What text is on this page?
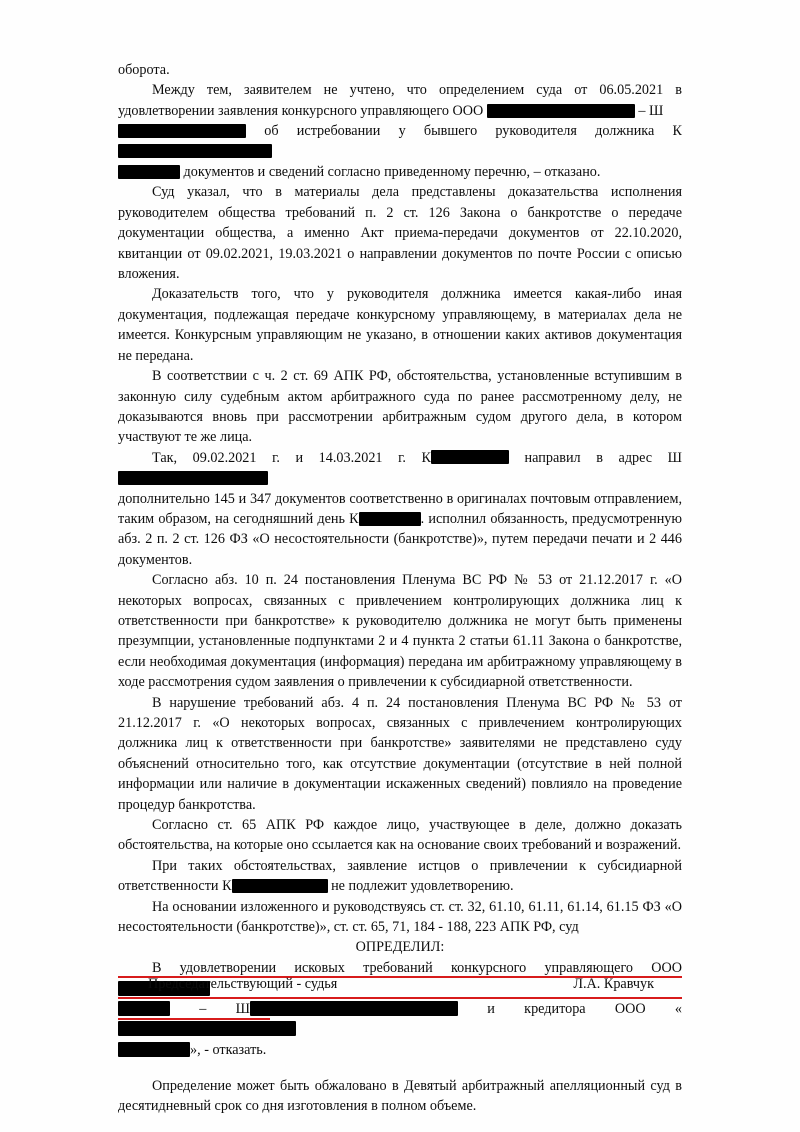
оборота.

Между тем, заявителем не учтено, что определением суда от 06.05.2021 в удовлетворении заявления конкурсного управляющего ООО	– Ш
об истребовании у бывшего руководителя должника К
документов и сведений согласно приведенному перечню, – отказано.

Суд указал, что в материалы дела представлены доказательства исполнения руководителем общества требований п. 2 ст. 126 Закона о банкротстве о передаче документации общества, а именно Акт приема-передачи документов от 22.10.2020, квитанции от 09.02.2021, 19.03.2021 о направлении документов по почте России с описью вложения.

Доказательств того, что у руководителя должника имеется какая-либо иная документация, подлежащая передаче конкурсному управляющему, в материалах дела не имеется. Конкурсным управляющим не указано, в отношении каких активов документация не передана.

В соответствии с ч. 2 ст. 69 АПК РФ, обстоятельства, установленные вступившим в законную силу судебным актом арбитражного суда по ранее рассмотренному делу, не доказываются вновь при рассмотрении арбитражным судом другого дела, в котором участвуют те же лица.

Так, 09.02.2021 г. и 14.03.2021 г. К	направил в адрес Ш
дополнительно 145 и 347 документов соответственно в оригиналах почтовым отправлением, таким образом, на сегодняшний день К	. исполнил обязанность, предусмотренную абз. 2 п. 2 ст. 126 ФЗ «О несостоятельности (банкротстве)», путем передачи печати и 2 446 документов.

Согласно абз. 10 п. 24 постановления Пленума ВС РФ № 53 от 21.12.2017 г. «О некоторых вопросах, связанных с привлечением контролирующих должника лиц к ответственности при банкротстве» к руководителю должника не могут быть применены презумпции, установленные подпунктами 2 и 4 пункта 2 статьи 61.11 Закона о банкротстве, если необходимая документация (информация) передана им арбитражному управляющему в ходе рассмотрения судом заявления о привлечении к субсидиарной ответственности.

В нарушение требований абз. 4 п. 24 постановления Пленума ВС РФ № 53 от 21.12.2017 г. «О некоторых вопросах, связанных с привлечением контролирующих должника лиц к ответственности при банкротстве» заявителями не представлено суду объяснений относительно того, как отсутствие документации (отсутствие в ней полной информации или наличие в документации искаженных сведений) повлияло на проведение процедур банкротства.

Согласно ст. 65 АПК РФ каждое лицо, участвующее в деле, должно доказать обстоятельства, на которые оно ссылается как на основание своих требований и возражений.

При таких обстоятельствах, заявление истцов о привлечении к субсидиарной ответственности К	не подлежит удовлетворению.

На основании изложенного и руководствуясь ст. ст. 32, 61.10, 61.11, 61.14, 61.15 ФЗ «О несостоятельности (банкротстве)», ст. ст. 65, 71, 184 - 188, 223 АПК РФ, суд

ОПРЕДЕЛИЛ:

В удовлетворении исковых требований конкурсного управляющего ООО
– Ш	и кредитора ООО «
», - отказать.

Определение может быть обжаловано в Девятый арбитражный апелляционный суд в десятидневный срок со дня изготовления в полном объеме.

Председательствующий - судья	Л.А. Кравчук
